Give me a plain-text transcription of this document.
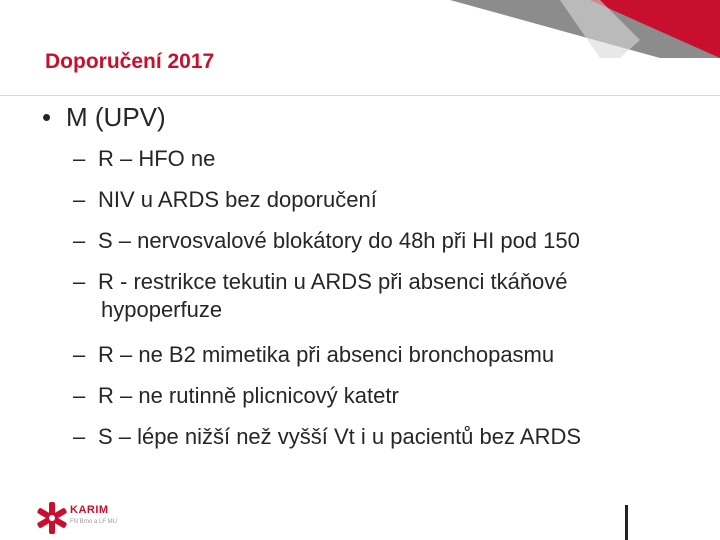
Doporučení 2017
• M (UPV)
– R – HFO ne
– NIV u ARDS bez doporučení
– S – nervosvalové blokátory do 48h při HI pod 150
– R - restrikce tekutin u ARDS při absenci tkáňové
hypoperfuze
– R – ne B2 mimetika při absenci bronchopasmu
– R – ne rutinně plicnicový katetr
– S – lépe nižší než vyšší Vt i u pacientů bez ARDS
KARIM
FN Brno a LF MU
